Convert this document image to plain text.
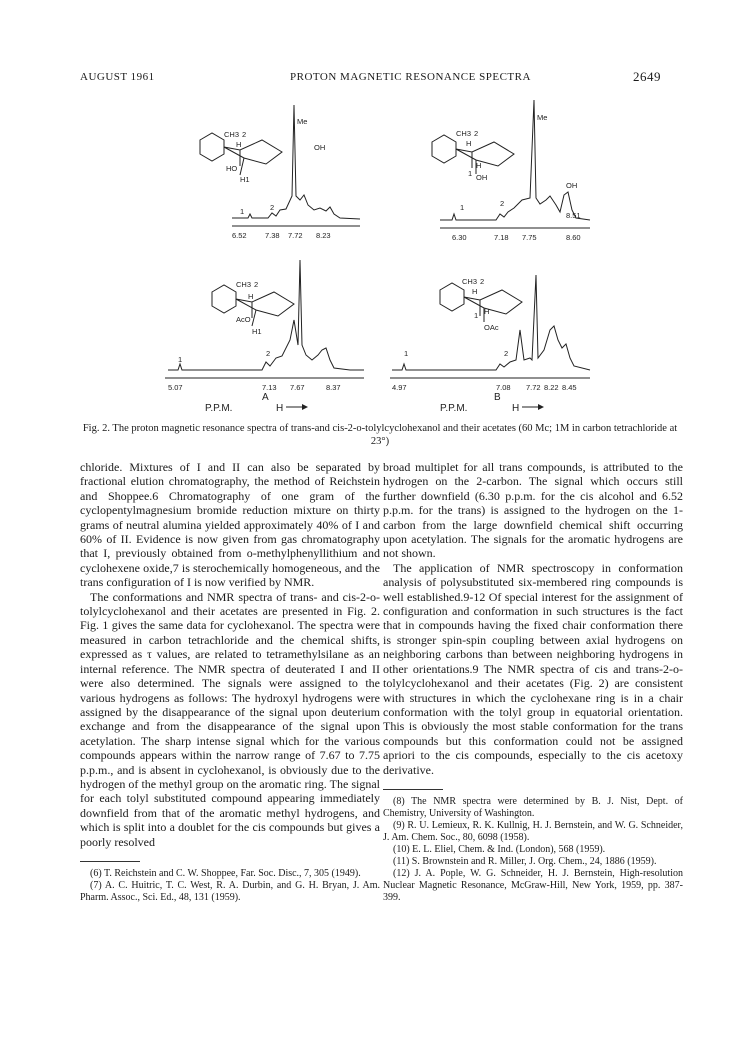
AUGUST 1961	PROTON MAGNETIC RESONANCE SPECTRA	2649
Me
OH
1	2
6.52 7.38 7.72 8.23
CH3 2
H
HO
H1
1
2
5.07	7.13 7.67	8.37
CH3 2
H
AcO
H1
Me
OH
1	2
8.51
6.30	7.18 7.75	8.60
CH3 2
H
H
OH
1
1	2
4.97	7.08 7.72 8.22 8.45
CH3 2
H
H
OAc
1
A	B
P.P.M.	P.P.M.
H	H
Fig. 2. The proton magnetic resonance spectra of trans-and cis-2-o-tolylcyclohexanol and their acetates (60 Mc; 1M in carbon tetrachloride at 23°)

chloride. Mixtures of I and II can also be separated by fractional elution chromatography, the method of Reichstein and Shoppee.6 Chromatography of one gram of the cyclopentylmagnesium bromide reduction mixture on thirty grams of neutral alumina yielded approximately 40% of I and 60% of II. Evidence is now given from gas chromatography that I, previously obtained from o-methylphenyllithium and cyclohexene oxide,7 is sterochemically homogeneous, and the trans configuration of I is now verified by NMR.

The conformations and NMR spectra of trans- and cis-2-o-tolylcyclohexanol and their acetates are presented in Fig. 2. Fig. 1 gives the same data for cyclohexanol. The spectra were measured in carbon tetrachloride and the chemical shifts, expressed as τ values, are related to tetramethylsilane as an internal reference. The NMR spectra of deuterated I and II were also determined. The signals were assigned to the various hydrogens as follows: The hydroxyl hydrogens were assigned by the disappearance of the signal upon deuterium exchange and from the disappearance of the signal upon acetylation. The sharp intense signal which for the various compounds appears within the narrow range of 7.67 to 7.75 p.p.m., and is absent in cyclohexanol, is obviously due to the hydrogen of the methyl group on the aromatic ring. The signal for each tolyl substituted compound appearing immediately downfield from that of the aromatic methyl hydrogens, and which is split into a doublet for the cis compounds but gives a poorly resolved

(6) T. Reichstein and C. W. Shoppee, Far. Soc. Disc., 7, 305 (1949).

(7) A. C. Huitric, T. C. West, R. A. Durbin, and G. H. Bryan, J. Am. Pharm. Assoc., Sci. Ed., 48, 131 (1959).

broad multiplet for all trans compounds, is attributed to the hydrogen on the 2-carbon. The signal which occurs still further downfield (6.30 p.p.m. for the cis alcohol and 6.52 p.p.m. for the trans) is assigned to the hydrogen on the 1-carbon from the large downfield chemical shift occurring upon acetylation. The signals for the aromatic hydrogens are not shown.

The application of NMR spectroscopy in conformation analysis of polysubstituted six-membered ring compounds is well established.9-12 Of special interest for the assignment of configuration and conformation in such structures is the fact that in compounds having the fixed chair conformation there is stronger spin-spin coupling between axial hydrogens on neighboring carbons than between neighboring hydrogens in other orientations.9 The NMR spectra of cis and trans-2-o-tolylcyclohexanol and their acetates (Fig. 2) are consistent with structures in which the cyclohexane ring is in a chair conformation with the tolyl group in equatorial orientation. This is obviously the most stable conformation for the trans compounds but this conformation could not be assigned apriori to the cis compounds, especially to the cis acetoxy derivative.

(8) The NMR spectra were determined by B. J. Nist, Dept. of Chemistry, University of Washington.

(9) R. U. Lemieux, R. K. Kullnig, H. J. Bernstein, and W. G. Schneider, J. Am. Chem. Soc., 80, 6098 (1958).

(10) E. L. Eliel, Chem. & Ind. (London), 568 (1959).

(11) S. Brownstein and R. Miller, J. Org. Chem., 24, 1886 (1959).

(12) J. A. Pople, W. G. Schneider, H. J. Bernstein, High-resolution Nuclear Magnetic Resonance, McGraw-Hill, New York, 1959, pp. 387-399.
